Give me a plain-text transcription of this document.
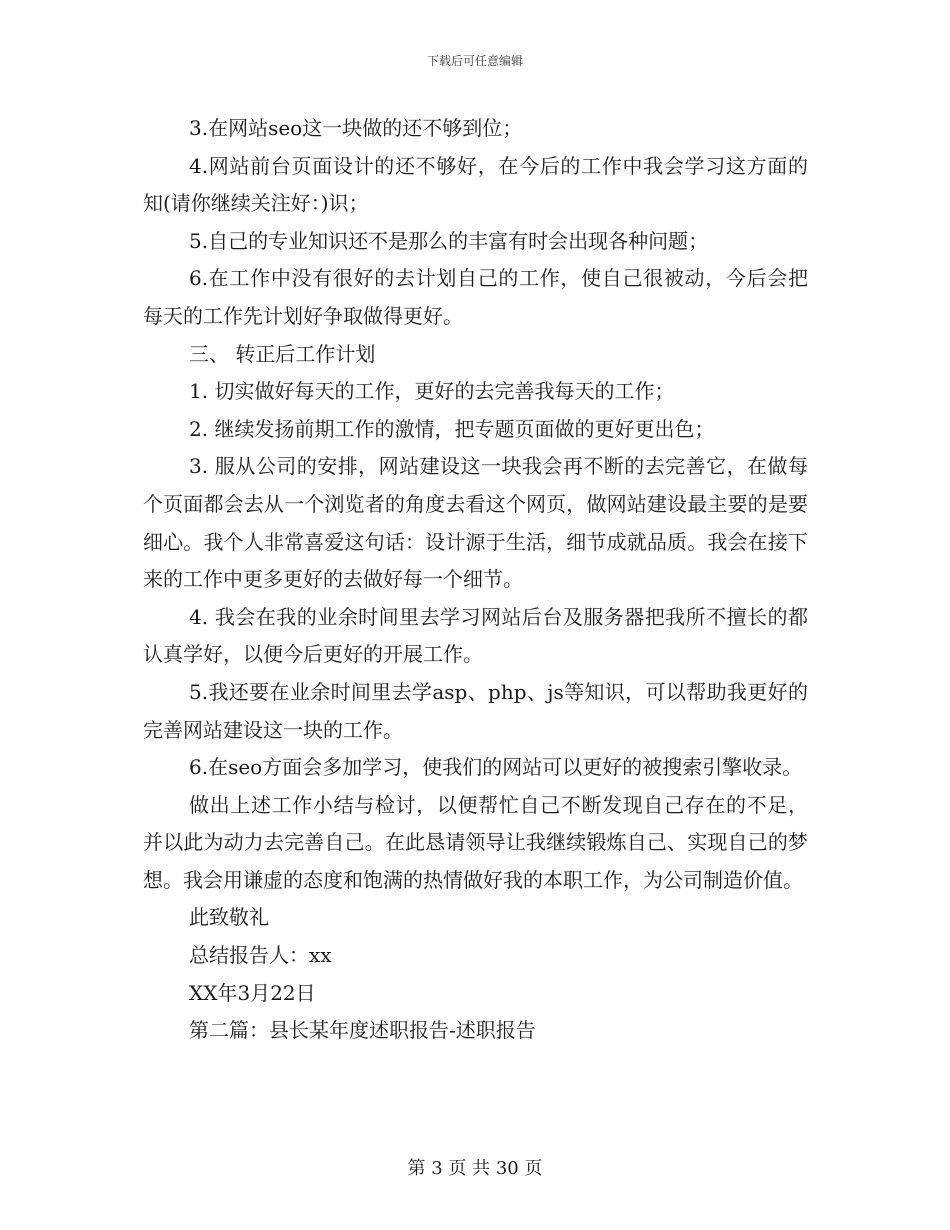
下载后可任意编辑

3.在网站seo这一块做的还不够到位；

4.网站前台页面设计的还不够好，在今后的工作中我会学习这方面的知(请你继续关注好：)识；

5.自己的专业知识还不是那么的丰富有时会出现各种问题；

6.在工作中没有很好的去计划自己的工作，使自己很被动，今后会把每天的工作先计划好争取做得更好。

三、 转正后工作计划

1. 切实做好每天的工作，更好的去完善我每天的工作；

2. 继续发扬前期工作的激情，把专题页面做的更好更出色；

3. 服从公司的安排，网站建设这一块我会再不断的去完善它，在做每个页面都会去从一个浏览者的角度去看这个网页，做网站建设最主要的是要细心。我个人非常喜爱这句话：设计源于生活，细节成就品质。我会在接下来的工作中更多更好的去做好每一个细节。

4. 我会在我的业余时间里去学习网站后台及服务器把我所不擅长的都认真学好，以便今后更好的开展工作。

5.我还要在业余时间里去学asp、php、js等知识，可以帮助我更好的完善网站建设这一块的工作。

6.在seo方面会多加学习，使我们的网站可以更好的被搜索引擎收录。

做出上述工作小结与检讨，以便帮忙自己不断发现自己存在的不足，并以此为动力去完善自己。在此恳请领导让我继续锻炼自己、实现自己的梦想。我会用谦虚的态度和饱满的热情做好我的本职工作，为公司制造价值。

此致敬礼

总结报告人：xx

XX年3月22日

第二篇：县长某年度述职报告-述职报告

第 3 页 共 30 页
